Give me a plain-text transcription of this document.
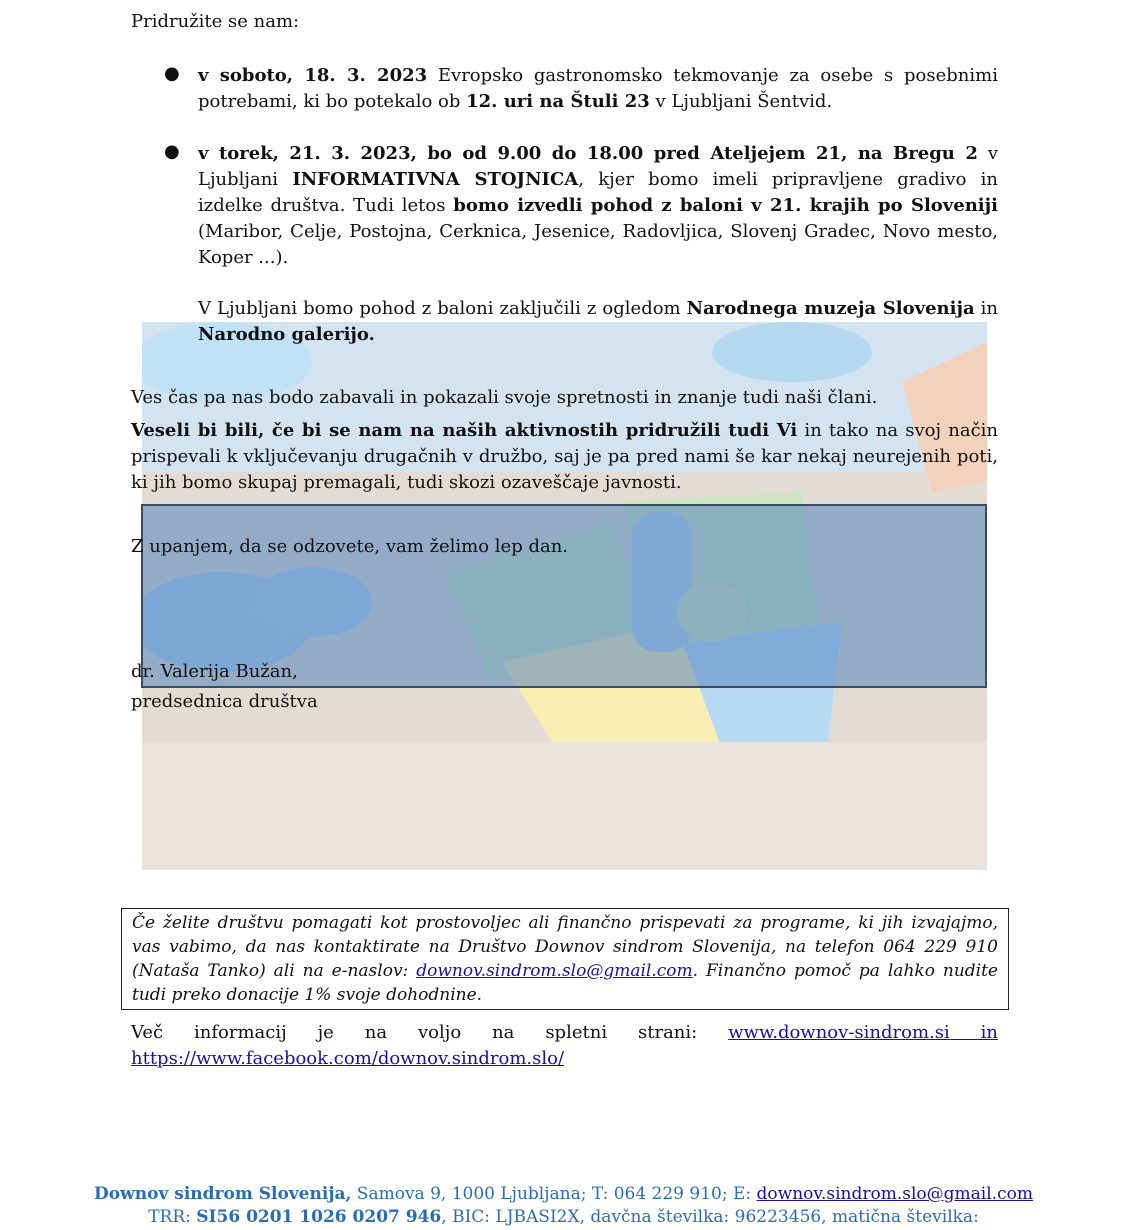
Pridružite se nam:
● v soboto, 18. 3. 2023 Evropsko gastronomsko tekmovanje za osebe s posebnimi potrebami, ki bo potekalo ob 12. uri na Štuli 23 v Ljubljani Šentvid.
● v torek, 21. 3. 2023, bo od 9.00 do 18.00 pred Ateljejem 21, na Bregu 2 v Ljubljani INFORMATIVNA STOJNICA, kjer bomo imeli pripravljene gradivo in izdelke društva. Tudi letos bomo izvedli pohod z baloni v 21. krajih po Sloveniji (Maribor, Celje, Postojna, Cerknica, Jesenice, Radovljica, Slovenj Gradec, Novo mesto, Koper ...).
V Ljubljani bomo pohod z baloni zaključili z ogledom Narodnega muzeja Slovenija in Narodno galerijo.
Ves čas pa nas bodo zabavali in pokazali svoje spretnosti in znanje tudi naši člani.
Veseli bi bili, če bi se nam na naših aktivnostih pridružili tudi Vi in tako na svoj način prispevali k vključevanju drugačnih v družbo, saj je pa pred nami še kar nekaj neurejenih poti, ki jih bomo skupaj premagali, tudi skozi ozaveščaje javnosti.
Z upanjem, da se odzovete, vam želimo lep dan.
dr. Valerija Bužan,
predsednica društva
Če želite društvu pomagati kot prostovoljec ali finančno prispevati za programe, ki jih izvajajmo, vas vabimo, da nas kontaktirate na Društvo Downov sindrom Slovenija, na telefon 064 229 910 (Nataša Tanko) ali na e-naslov: downov.sindrom.slo@gmail.com. Finančno pomoč pa lahko nudite tudi preko donacije 1% svoje dohodnine.
Več informacij je na voljo na spletni strani: www.downov-sindrom.si in
https://www.facebook.com/downov.sindrom.slo/
Downov sindrom Slovenija, Samova 9, 1000 Ljubljana; T: 064 229 910; E: downov.sindrom.slo@gmail.com
TRR: SI56 0201 1026 0207 946, BIC: LJBASI2X, davčna številka: 96223456, matična številka:
